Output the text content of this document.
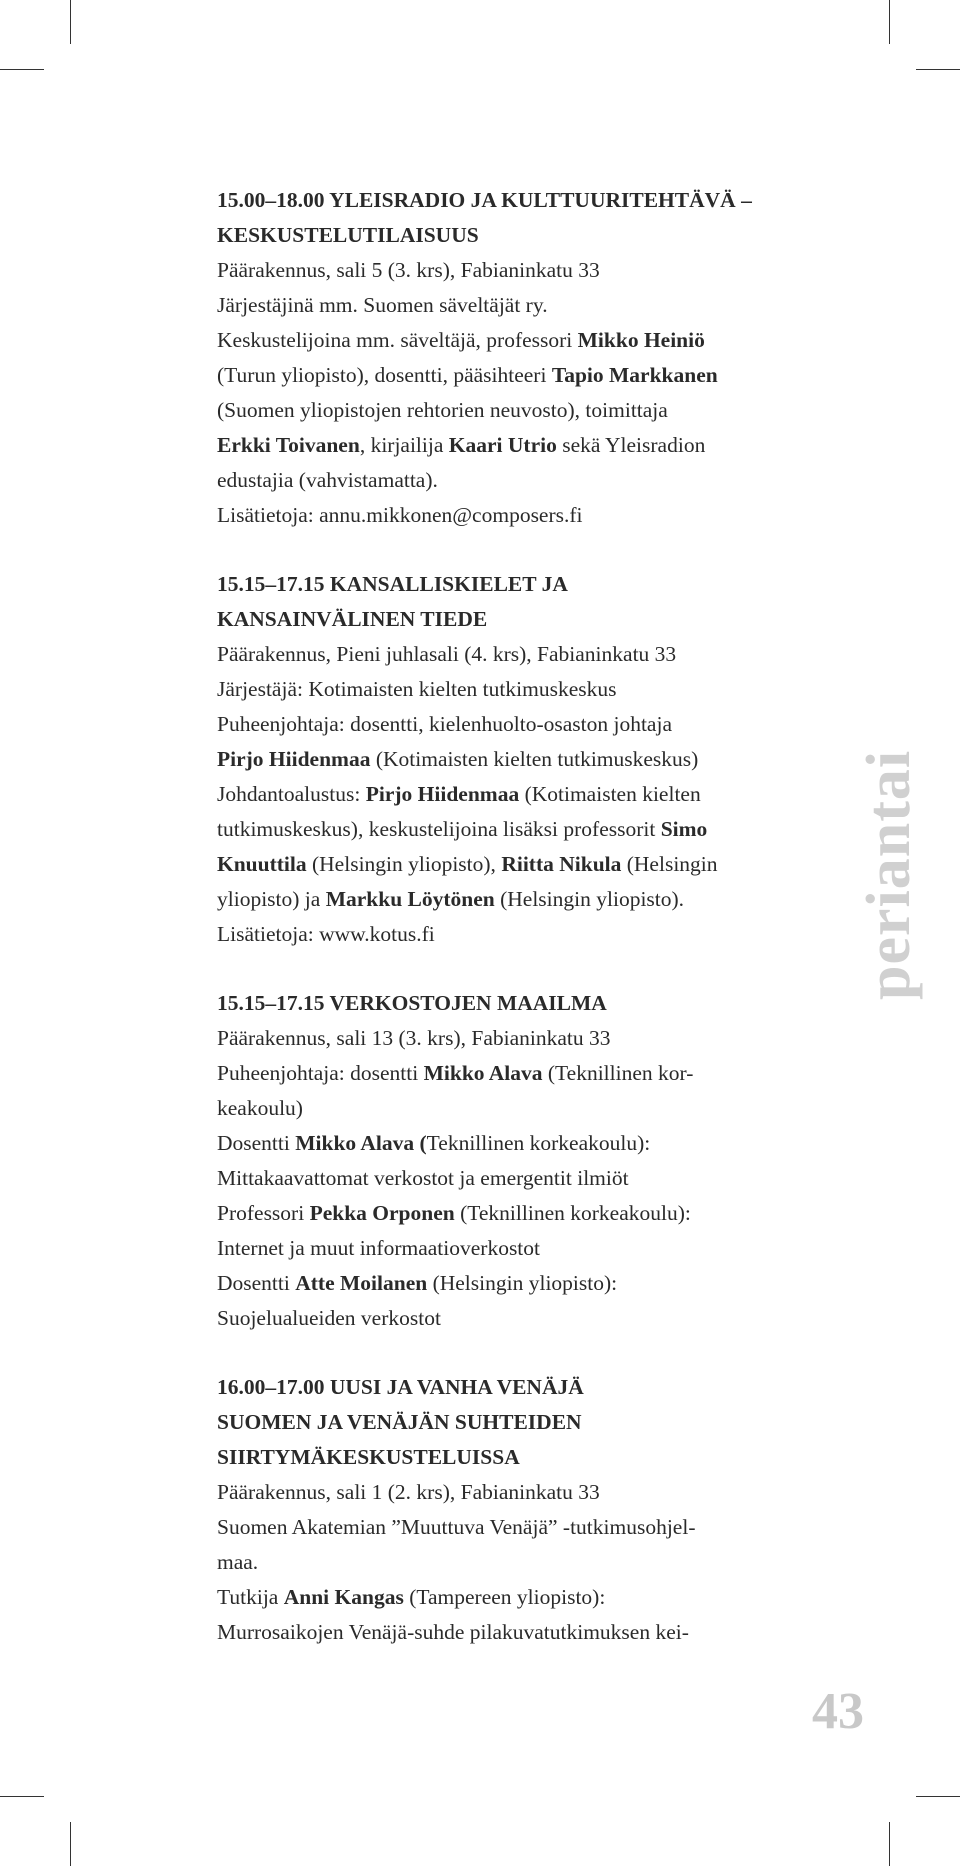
15.00–18.00 YLEISRADIO JA KULTTUURITEHTÄVÄ –
KESKUSTELUTILAISUUS
Päärakennus, sali 5 (3. krs), Fabianinkatu 33
Järjestäjinä mm. Suomen säveltäjät ry.
Keskustelijoina mm. säveltäjä, professori Mikko Heiniö
(Turun yliopisto), dosentti, pääsihteeri Tapio Markkanen
(Suomen yliopistojen rehtorien neuvosto), toimittaja
Erkki Toivanen, kirjailija Kaari Utrio sekä Yleisradion
edustajia (vahvistamatta).
Lisätietoja: annu.mikkonen@composers.fi
15.15–17.15 KANSALLISKIELET JA
KANSAINVÄLINEN TIEDE
Päärakennus, Pieni juhlasali (4. krs), Fabianinkatu 33
Järjestäjä: Kotimaisten kielten tutkimuskeskus
Puheenjohtaja: dosentti, kielenhuolto-osaston johtaja
Pirjo Hiidenmaa (Kotimaisten kielten tutkimuskeskus)
Johdantoalustus: Pirjo Hiidenmaa (Kotimaisten kielten
tutkimuskeskus), keskustelijoina lisäksi professorit Simo
Knuuttila (Helsingin yliopisto), Riitta Nikula (Helsingin
yliopisto) ja Markku Löytönen (Helsingin yliopisto).
Lisätietoja: www.kotus.fi
15.15–17.15 VERKOSTOJEN MAAILMA
Päärakennus, sali 13 (3. krs), Fabianinkatu 33
Puheenjohtaja: dosentti Mikko Alava (Teknillinen kor-
keakoulu)
Dosentti Mikko Alava (Teknillinen korkeakoulu):
Mittakaavattomat verkostot ja emergentit ilmiöt
Professori Pekka Orponen (Teknillinen korkeakoulu):
Internet ja muut informaatioverkostot
Dosentti Atte Moilanen (Helsingin yliopisto):
Suojelualueiden verkostot
16.00–17.00 UUSI JA VANHA VENÄJÄ
SUOMEN JA VENÄJÄN SUHTEIDEN
SIIRTYMÄKESKUSTELUISSA
Päärakennus, sali 1 (2. krs), Fabianinkatu 33
Suomen Akatemian ”Muuttuva Venäjä” -tutkimusohjel-
maa.
Tutkija Anni Kangas (Tampereen yliopisto):
Murrosaikojen Venäjä-suhde pilakuvatutkimuksen kei-
periantai
43
